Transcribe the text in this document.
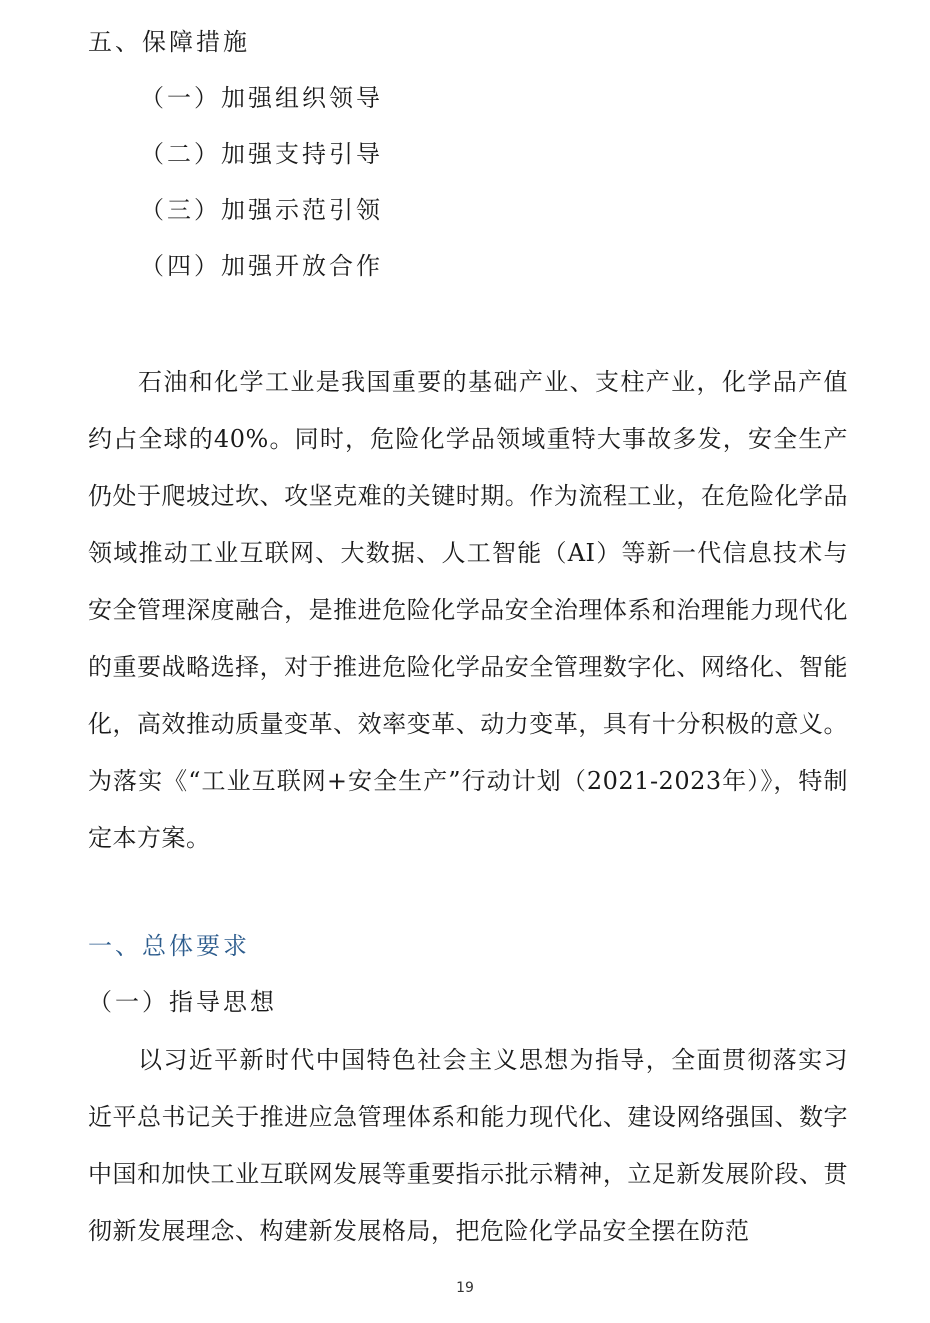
五、保障措施
（一）加强组织领导
（二）加强支持引导
（三）加强示范引领
（四）加强开放合作
石油和化学工业是我国重要的基础产业、支柱产业，化学品产值约占全球的40%。同时，危险化学品领域重特大事故多发，安全生产仍处于爬坡过坎、攻坚克难的关键时期。作为流程工业，在危险化学品领域推动工业互联网、大数据、人工智能（AI）等新一代信息技术与安全管理深度融合，是推进危险化学品安全治理体系和治理能力现代化的重要战略选择，对于推进危险化学品安全管理数字化、网络化、智能化，高效推动质量变革、效率变革、动力变革，具有十分积极的意义。为落实《“工业互联网+安全生产”行动计划（2021-2023年）》，特制定本方案。
一、总体要求
（一）指导思想
以习近平新时代中国特色社会主义思想为指导，全面贯彻落实习近平总书记关于推进应急管理体系和能力现代化、建设网络强国、数字中国和加快工业互联网发展等重要指示批示精神，立足新发展阶段、贯彻新发展理念、构建新发展格局，把危险化学品安全摆在防范
19
